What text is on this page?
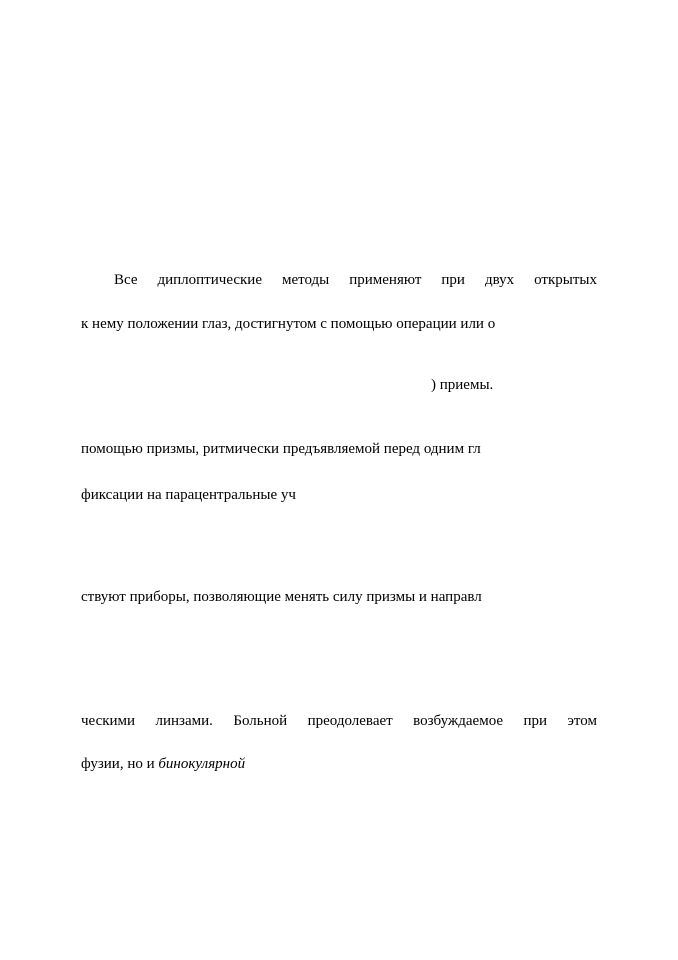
Все диплоптические методы применяют при двух открытых
к нему положении глаз, достигнутом с помощью операции или о
) приемы.
помощью призмы, ритмически предъявляемой перед одним гл
фиксации на парацентральные уч
ствуют приборы, позволяющие менять силу призмы и направл
ческими линзами. Больной преодолевает возбуждаемое при этом
фузии, но и бинокулярной
